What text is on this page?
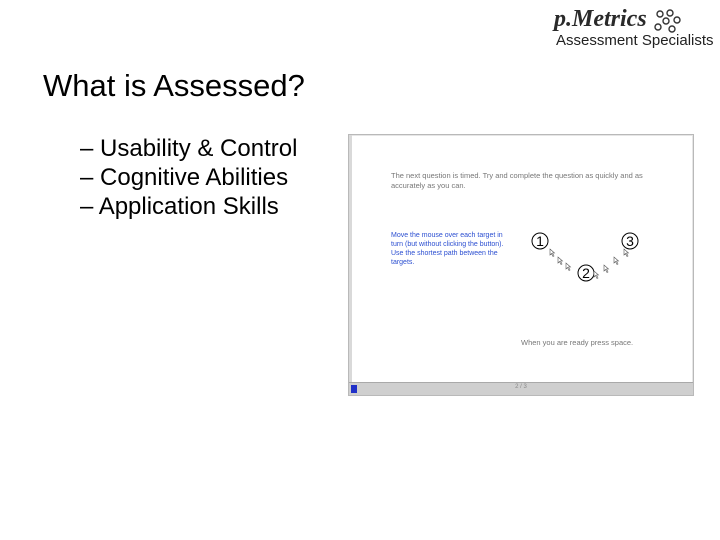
p.Metrics
Assessment Specialists
What is Assessed?
– Usability & Control
– Cognitive Abilities
– Application Skills
The next question is timed. Try and complete the question as quickly and as accurately as you can.
Move the mouse over each target in turn (but without clicking the button). Use the shortest path between the targets.
1
2
3
When you are ready press space.
2 / 3
